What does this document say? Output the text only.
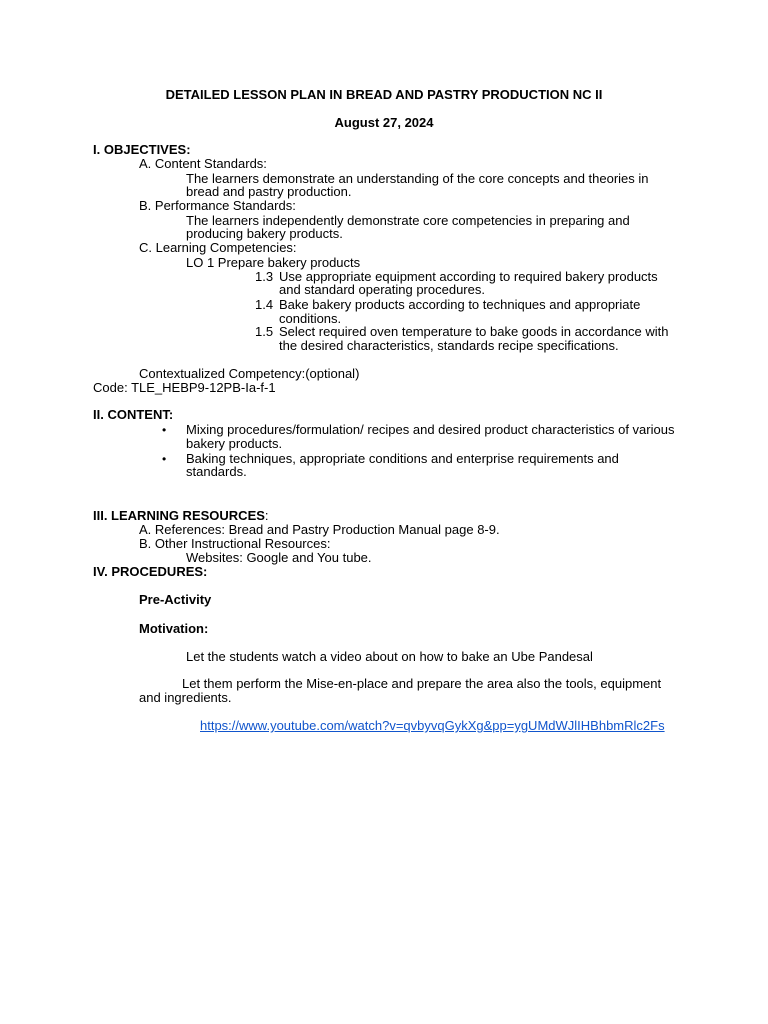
DETAILED LESSON PLAN IN BREAD AND PASTRY PRODUCTION NC II
August 27, 2024
I. OBJECTIVES:
A. Content Standards:
The learners demonstrate an understanding of the core concepts and theories in
bread and pastry production.
B. Performance Standards:
The learners independently demonstrate core competencies in preparing and
producing bakery products.
C. Learning Competencies:
LO 1 Prepare bakery products
1.3 Use appropriate equipment according to required bakery products
and standard operating procedures.
1.4 Bake bakery products according to techniques and appropriate
conditions.
1.5 Select required oven temperature to bake goods in accordance with
the desired characteristics, standards recipe specifications.
Contextualized Competency:(optional)
Code: TLE_HEBP9-12PB-Ia-f-1
II. CONTENT:
• Mixing procedures/formulation/ recipes and desired product characteristics of various
bakery products.
• Baking techniques, appropriate conditions and enterprise requirements and
standards.
III. LEARNING RESOURCES:
A. References: Bread and Pastry Production Manual page 8-9.
B. Other Instructional Resources:
Websites: Google and You tube.
IV. PROCEDURES:
Pre-Activity
Motivation:
Let the students watch a video about on how to bake an Ube Pandesal
Let them perform the Mise-en-place and prepare the area also the tools, equipment
and ingredients.
https://www.youtube.com/watch?v=qvbyvqGykXg&pp=ygUMdWJlIHBhbmRlc2Fs
